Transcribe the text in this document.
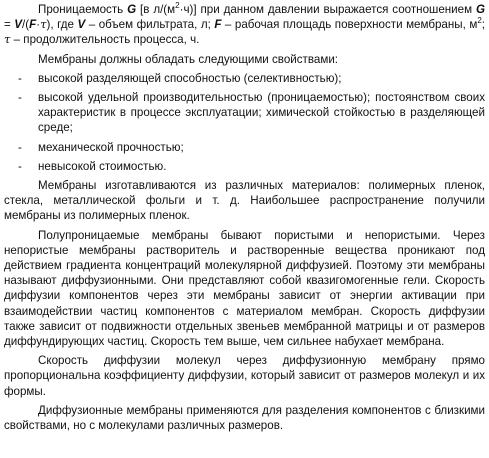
Проницаемость G [в $л/(м^2\cdot ч)$] при данном давлении выражается соотношением G = V/(F·τ), где V – объем фильтрата, л; F – рабочая площадь поверхности мембраны, $м^2$; τ – продолжительность процесса, ч.

Мембраны должны обладать следующими свойствами:

- высокой разделяющей способностью (селективностью);
- высокой удельной производительностью (проницаемостью); постоянством своих характеристик в процессе эксплуатации; химической стойкостью в разделяющей среде;
- механической прочностью;
- невысокой стоимостью.

Мембраны изготавливаются из различных материалов: полимерных пленок, стекла, металлической фольги и т. д. Наибольшее распространение получили мембраны из полимерных пленок.

Полупроницаемые мембраны бывают пористыми и непористыми. Через непористые мембраны растворитель и растворенные вещества проникают под действием градиента концентраций молекулярной диффузией. Поэтому эти мембраны называют диффузионными. Они представляют собой квазигомогенные гели. Скорость диффузии компонентов через эти мембраны зависит от энергии активации при взаимодействии частиц компонентов с материалом мембран. Скорость диффузии также зависит от подвижности отдельных звеньев мембранной матрицы и от размеров диффундирующих частиц. Скорость тем выше, чем сильнее набухает мембрана.

Скорость диффузии молекул через диффузионную мембрану прямо пропорциональна коэффициенту диффузии, который зависит от размеров молекул и их формы.

Диффузионные мембраны применяются для разделения компонентов с близкими свойствами, но с молекулами различных размеров.
